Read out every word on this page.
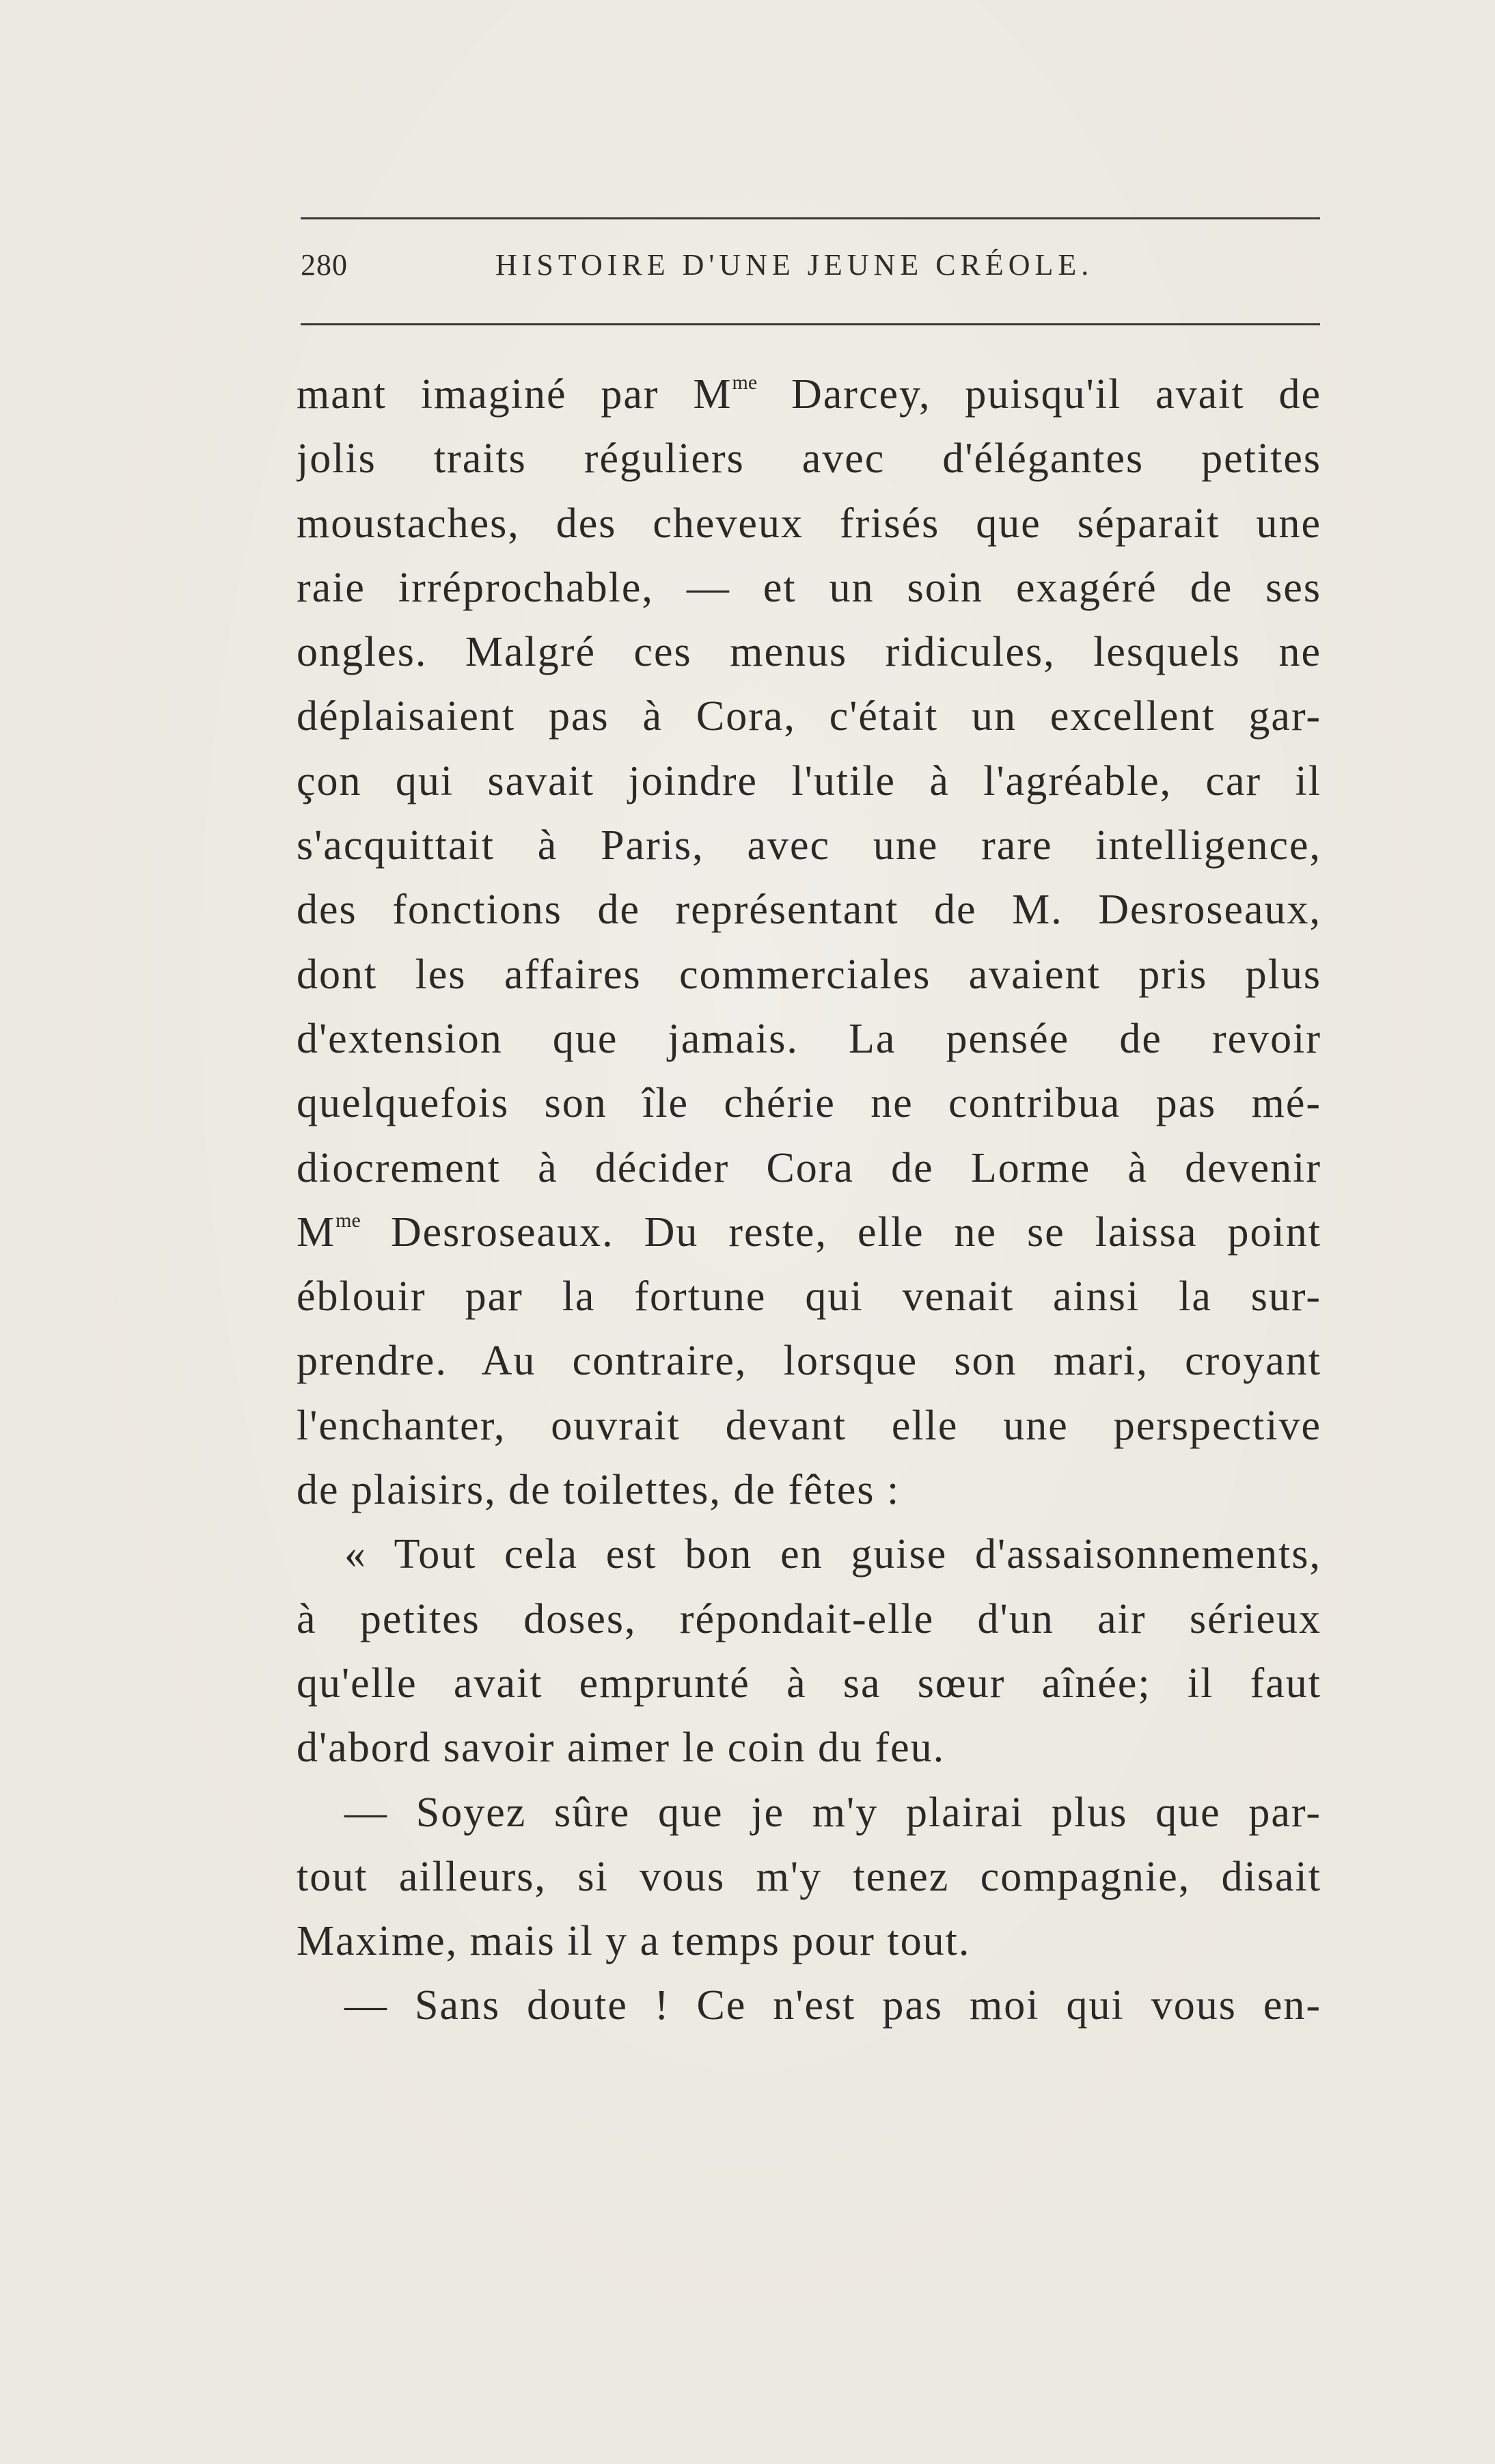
280	HISTOIRE D'UNE JEUNE CRÉOLE.
mant imaginé par $M^{me}$ Darcey, puisqu'il avait de
jolis traits réguliers avec d'élégantes petites
moustaches, des cheveux frisés que séparait une
raie irréprochable, — et un soin exagéré de ses
ongles. Malgré ces menus ridicules, lesquels ne
déplaisaient pas à Cora, c'était un excellent gar-
çon qui savait joindre l'utile à l'agréable, car il
s'acquittait à Paris, avec une rare intelligence,
des fonctions de représentant de M. Desroseaux,
dont les affaires commerciales avaient pris plus
d'extension que jamais. La pensée de revoir
quelquefois son île chérie ne contribua pas mé-
diocrement à décider Cora de Lorme à devenir
$M^{me}$ Desroseaux. Du reste, elle ne se laissa point
éblouir par la fortune qui venait ainsi la sur-
prendre. Au contraire, lorsque son mari, croyant
l'enchanter, ouvrait devant elle une perspective
de plaisirs, de toilettes, de fêtes :
« Tout cela est bon en guise d'assaisonnements,
à petites doses, répondait-elle d'un air sérieux
qu'elle avait emprunté à sa sœur aînée; il faut
d'abord savoir aimer le coin du feu.
— Soyez sûre que je m'y plairai plus que par-
tout ailleurs, si vous m'y tenez compagnie, disait
Maxime, mais il y a temps pour tout.
— Sans doute ! Ce n'est pas moi qui vous en-
